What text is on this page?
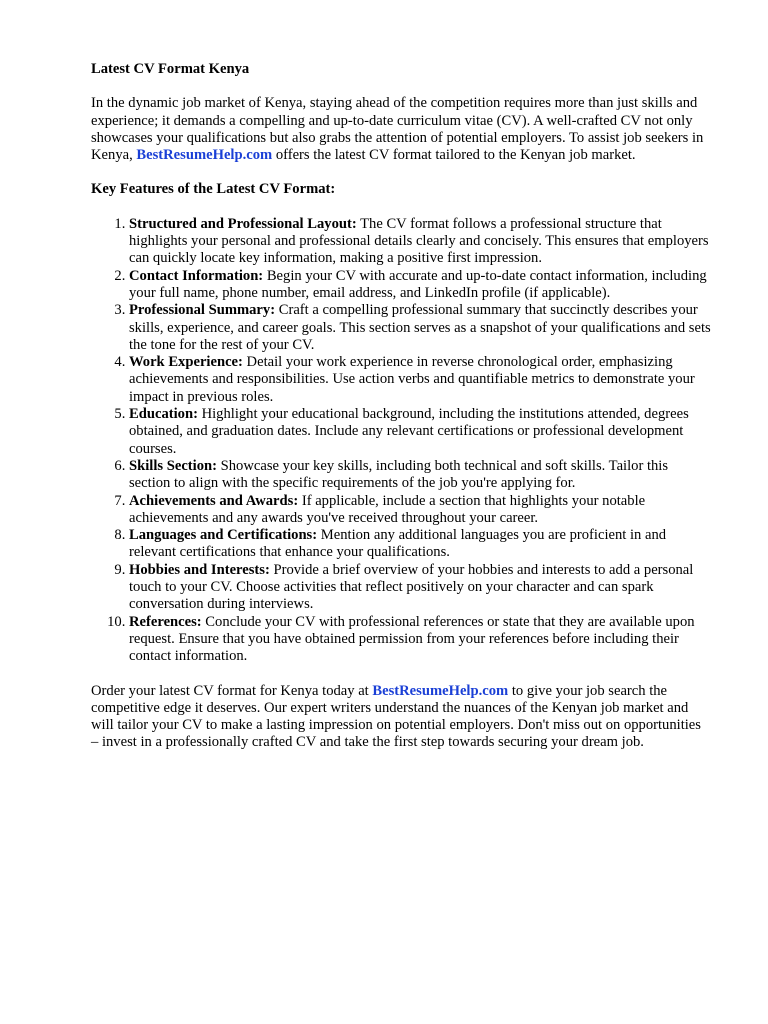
Latest CV Format Kenya

In the dynamic job market of Kenya, staying ahead of the competition requires more than just skills and experience; it demands a compelling and up-to-date curriculum vitae (CV). A well-crafted CV not only showcases your qualifications but also grabs the attention of potential employers. To assist job seekers in Kenya, BestResumeHelp.com offers the latest CV format tailored to the Kenyan job market.

Key Features of the Latest CV Format:

1. Structured and Professional Layout: The CV format follows a professional structure that highlights your personal and professional details clearly and concisely. This ensures that employers can quickly locate key information, making a positive first impression.
2. Contact Information: Begin your CV with accurate and up-to-date contact information, including your full name, phone number, email address, and LinkedIn profile (if applicable).
3. Professional Summary: Craft a compelling professional summary that succinctly describes your skills, experience, and career goals. This section serves as a snapshot of your qualifications and sets the tone for the rest of your CV.
4. Work Experience: Detail your work experience in reverse chronological order, emphasizing achievements and responsibilities. Use action verbs and quantifiable metrics to demonstrate your impact in previous roles.
5. Education: Highlight your educational background, including the institutions attended, degrees obtained, and graduation dates. Include any relevant certifications or professional development courses.
6. Skills Section: Showcase your key skills, including both technical and soft skills. Tailor this section to align with the specific requirements of the job you're applying for.
7. Achievements and Awards: If applicable, include a section that highlights your notable achievements and any awards you've received throughout your career.
8. Languages and Certifications: Mention any additional languages you are proficient in and relevant certifications that enhance your qualifications.
9. Hobbies and Interests: Provide a brief overview of your hobbies and interests to add a personal touch to your CV. Choose activities that reflect positively on your character and can spark conversation during interviews.
10. References: Conclude your CV with professional references or state that they are available upon request. Ensure that you have obtained permission from your references before including their contact information.

Order your latest CV format for Kenya today at BestResumeHelp.com to give your job search the competitive edge it deserves. Our expert writers understand the nuances of the Kenyan job market and will tailor your CV to make a lasting impression on potential employers. Don't miss out on opportunities – invest in a professionally crafted CV and take the first step towards securing your dream job.
